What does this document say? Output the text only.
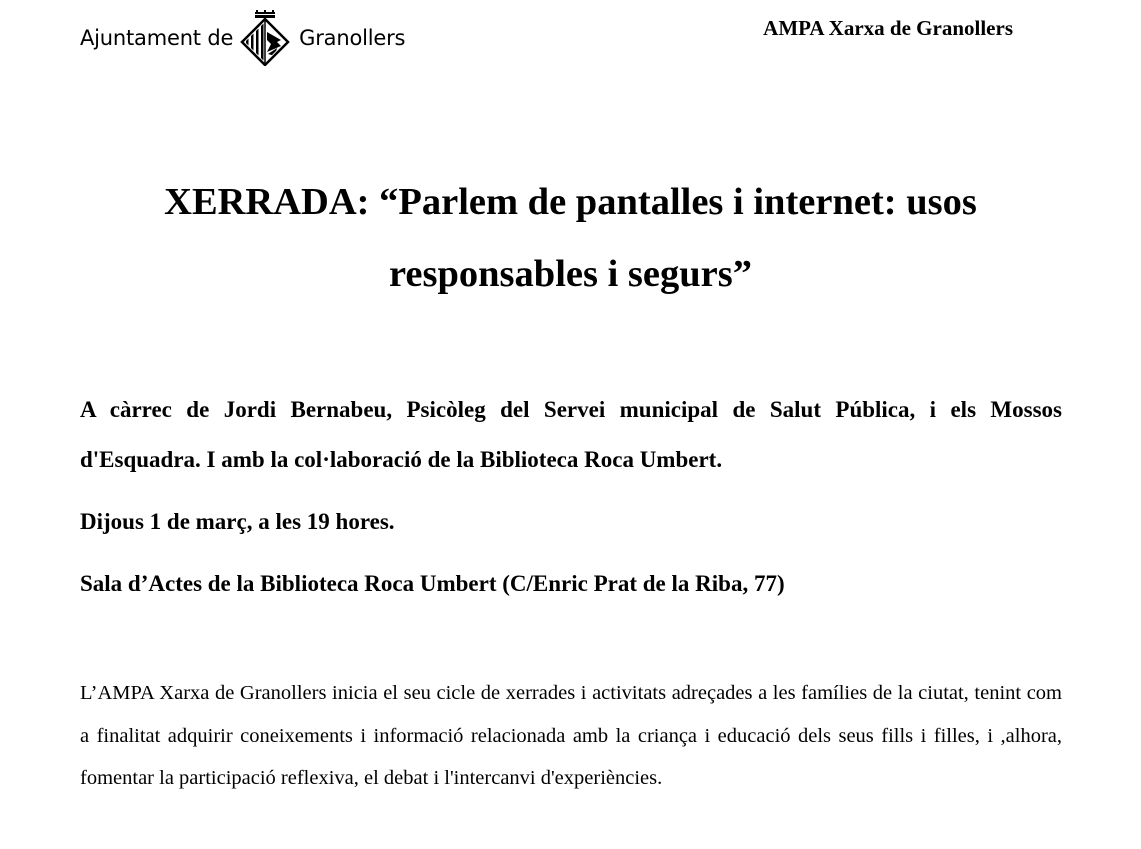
Ajuntament de	Granollers	AMPA Xarxa de Granollers
XERRADA: “Parlem de pantalles i internet: usos responsables i segurs”

A càrrec de Jordi Bernabeu, Psicòleg del Servei municipal de Salut Pública, i els Mossos d'Esquadra. I amb la col·laboració de la Biblioteca Roca Umbert.

Dijous 1 de març, a les 19 hores.

Sala d’Actes de la Biblioteca Roca Umbert (C/Enric Prat de la Riba, 77)

L’AMPA Xarxa de Granollers inicia el seu cicle de xerrades i activitats adreçades a les famílies de la ciutat, tenint com a finalitat adquirir coneixements i informació relacionada amb la criança i educació dels seus fills i filles, i ,alhora, fomentar la participació reflexiva, el debat i l'intercanvi d'experiències.
